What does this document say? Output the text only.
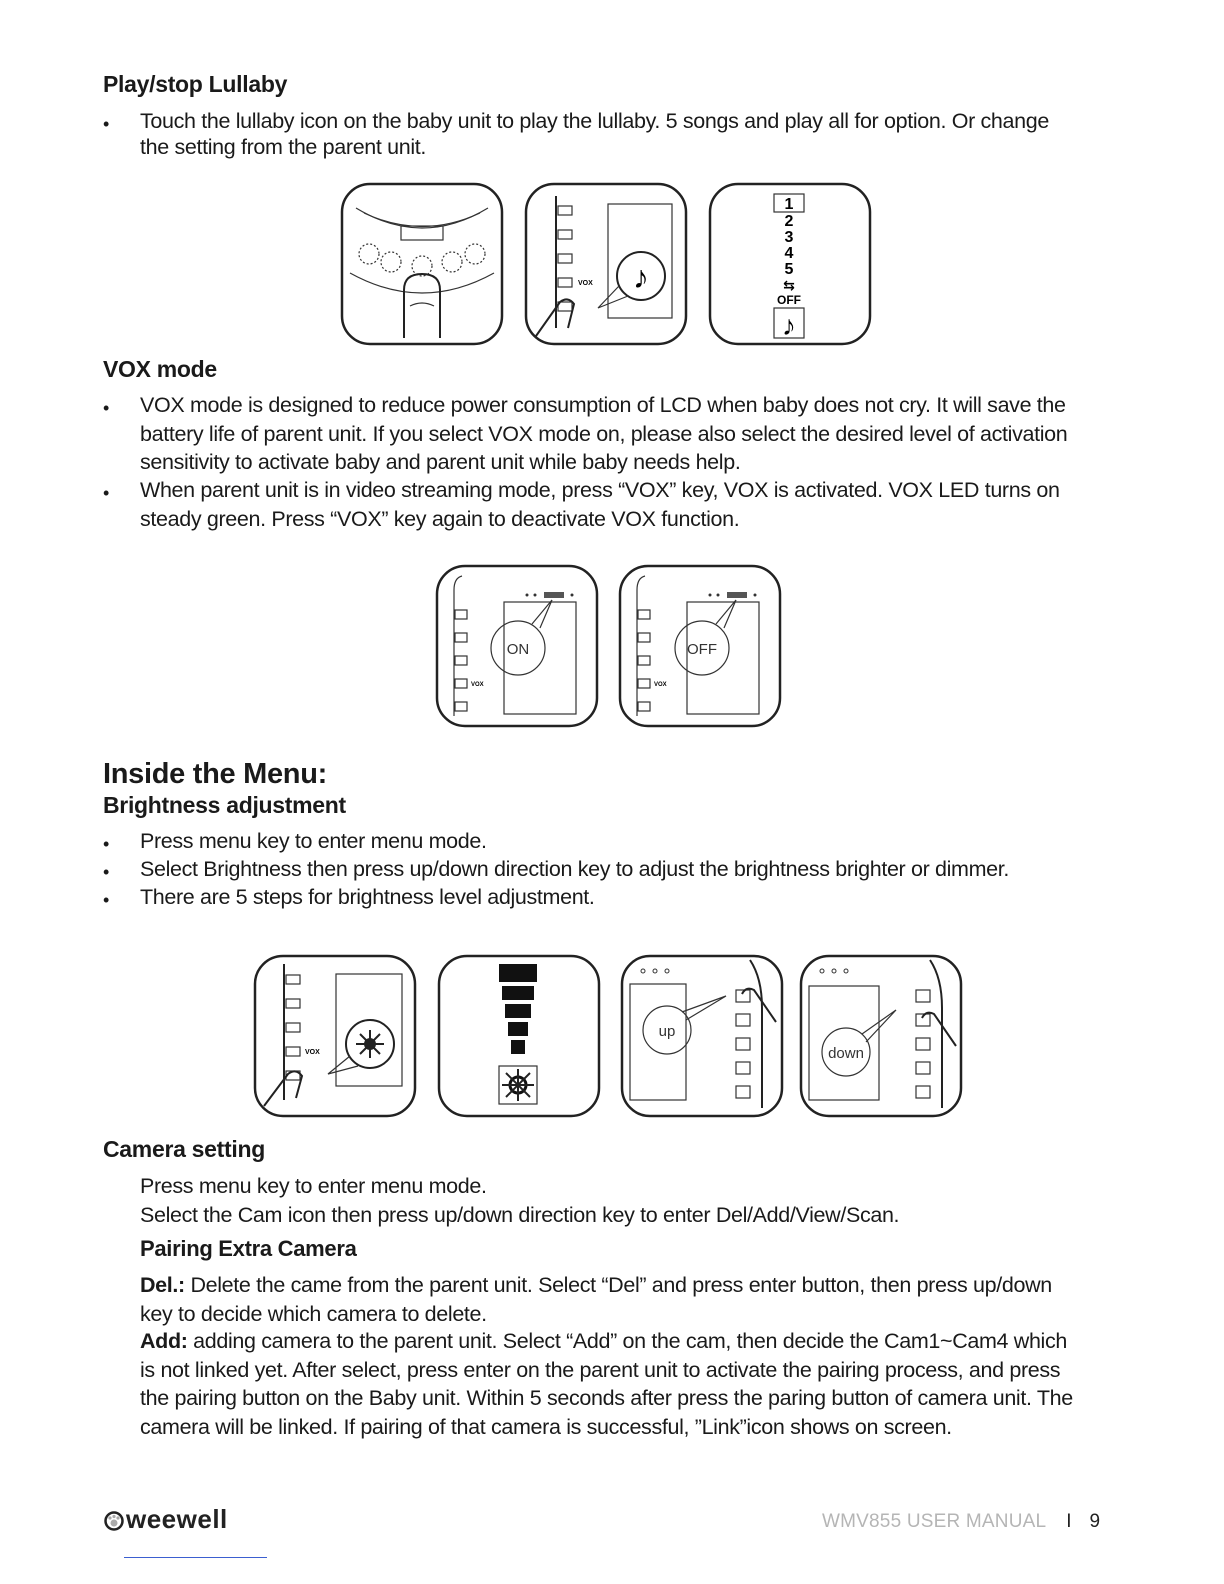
Play/stop Lullaby
• Touch the lullaby icon on the baby unit to play the lullaby. 5 songs and play all for option. Or change
the setting from the parent unit.
VOX ♪
1
2
3
4
5
⇆
OFF
♪
VOX mode
• VOX mode is designed to reduce power consumption of LCD when baby does not cry. It will save the
battery life of parent unit. If you select VOX mode on, please also select the desired level of activation
sensitivity to activate baby and parent unit while baby needs help.
• When parent unit is in video streaming mode, press “VOX” key, VOX is activated. VOX LED turns on
steady green. Press “VOX” key again to deactivate VOX function.
VOX
ON
VOX
OFF
Inside the Menu:
Brightness adjustment
• Press menu key to enter menu mode.
• Select Brightness then press up/down direction key to adjust the brightness brighter or dimmer.
• There are 5 steps for brightness level adjustment.
VOX
up
down
Camera setting
Press menu key to enter menu mode.
Select the Cam icon then press up/down direction key to enter Del/Add/View/Scan.
Pairing Extra Camera
Del.: Delete the came from the parent unit. Select “Del” and press enter button, then press up/down
key to decide which camera to delete.
Add: adding camera to the parent unit. Select “Add” on the cam, then decide the Cam1~Cam4 which
is not linked yet. After select, press enter on the parent unit to activate the pairing process, and press
the pairing button on the Baby unit. Within 5 seconds after press the paring button of camera unit. The
camera will be linked. If pairing of that camera is successful, ”Link”icon shows on screen.
weewell	WMV855 USER MANUAL I 9
